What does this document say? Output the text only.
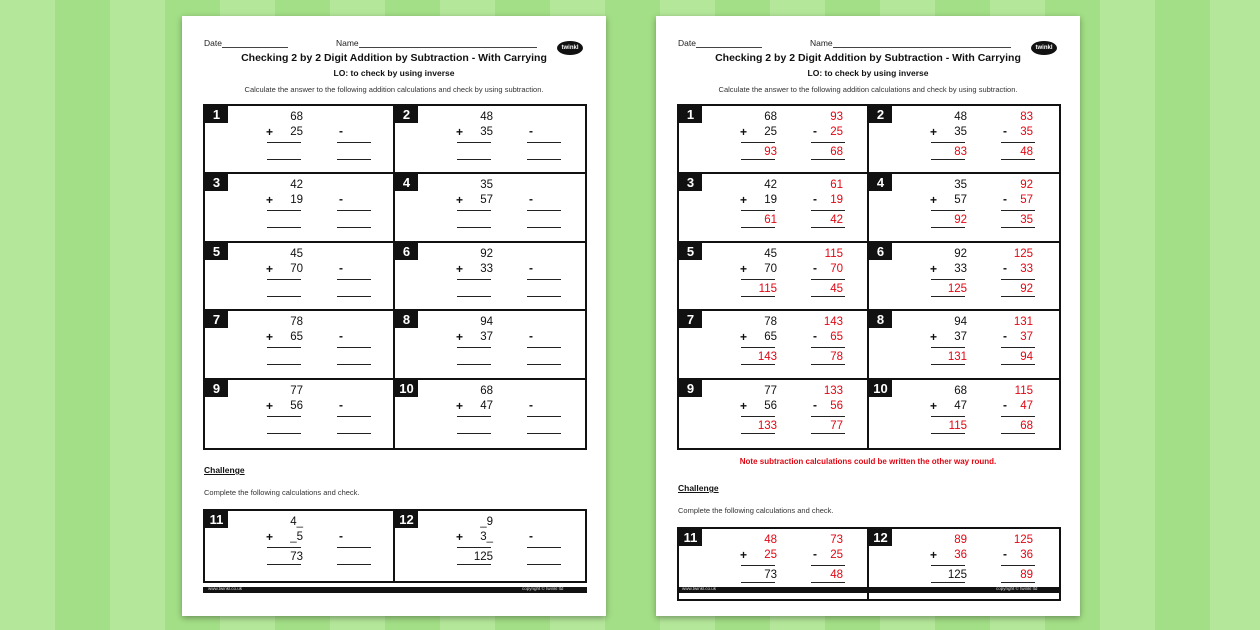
Date	Name	twinkl
Checking 2 by 2 Digit Addition by Subtraction - With Carrying
LO: to check by using inverse
Calculate the answer to the following addition calculations and check by using subtraction.
1	68
25
+	-
2	48
35
+	-
3	42
19
+	-
4	35
57
+	-
5	45
70
+	-
6	92
33
+	-
7	78
65
+	-
8	94
37
+	-
9	77
56
+	-
10	68
47
+	-
Challenge
Complete the following calculations and check.
11	4_
_5
+	-
73
12	_9
3_
+	-
125
www.twinkl.co.uk	copyright © twinkl ltd
Date	Name	twinkl
Checking 2 by 2 Digit Addition by Subtraction - With Carrying
LO: to check by using inverse
Calculate the answer to the following addition calculations and check by using subtraction.
1	68
25
+	-
93
93
25
68
2	48
35
+	-
83
83
35
48
3	42
19
+	-
61
61
19
42
4	35
57
+	-
92
92
57
35
5	45
70
+	-
115
115
70
45
6	92
33
+	-
125
125
33
92
7	78
65
+	-
143
143
65
78
8	94
37
+	-
131
131
37
94
9	77
56
+	-
133
133
56
77
10	68
47
+	-
115
115
47
68
Note subtraction calculations could be written the other way round.
Challenge
Complete the following calculations and check.
11	48
25
+	-
73
73
25
48
12	89
36
+	-
125
125
36
89
www.twinkl.co.uk	copyright © twinkl ltd
